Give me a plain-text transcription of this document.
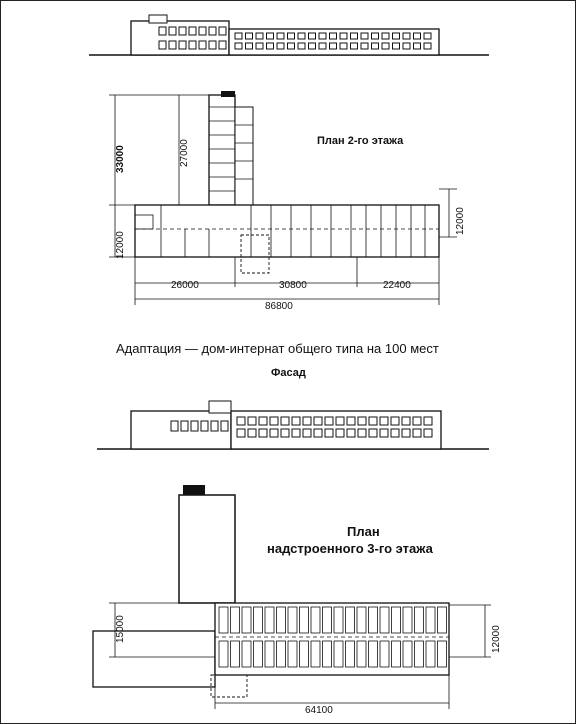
33000	27000
12000
12000
26000	30800	22400
86800
План 2-го этажа
Адаптация — дом-интернат общего типа на 100 мест
Фасад
15000	12000
64100
План
надстроенного 3-го этажа
